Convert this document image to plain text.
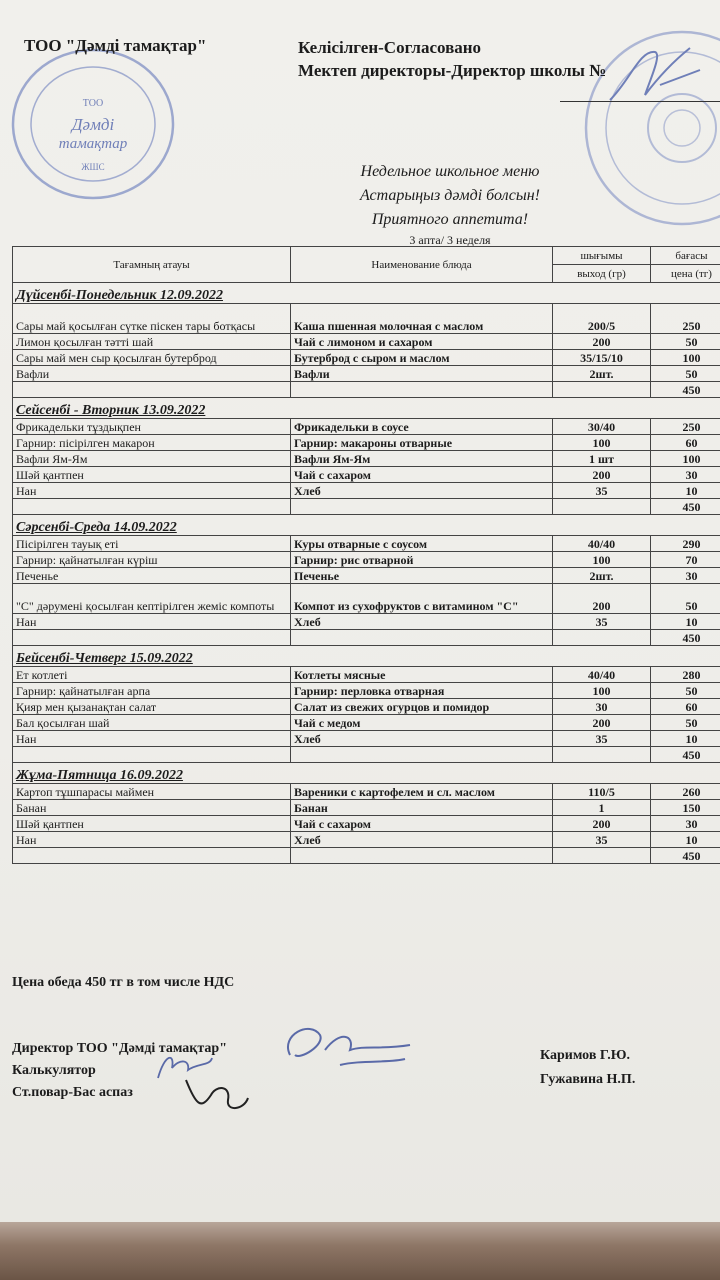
ТОО
Дәмді
тамақтар
ЖШС
ТОО "Дәмді тамақтар"	Келісілген-Согласовано
Мектеп директоры-Директор школы №
Недельное школьное меню
Астарыңыз дәмді болсын!
Приятного аппетита!
3 апта/ 3 неделя
Тағамның атауы	Наименование блюда	шығымы	бағасы
		выход (гр)	цена (тг)
Дүйсенбі-Понедельник 12.09.2022			
Сары май қосылған сүтке піскен тары ботқасы	Каша пшенная молочная с маслом	200/5	250
Лимон қосылған тәтті шай	Чай с лимоном и сахаром	200	50
Сары май мен сыр қосылған бутерброд	Бутерброд с сыром и маслом	35/15/10	100
Вафли	Вафли	2шт.	50
			450
Сейсенбі - Вторник 13.09.2022			
Фрикадельки тұздықпен	Фрикадельки в соусе	30/40	250
Гарнир: пісірілген макарон	Гарнир: макароны отварные	100	60
Вафли Ям-Ям	Вафли Ям-Ям	1 шт	100
Шәй қантпен	Чай с сахаром	200	30
Нан	Хлеб	35	10
			450
Сәрсенбі-Среда 14.09.2022			
Пісірілген тауық еті	Куры отварные с соусом	40/40	290
Гарнир: қайнатылған күріш	Гарнир: рис отварной	100	70
Печенье	Печенье	2шт.	30
"С" дәрумені қосылған кептірілген жеміс компоты	Компот из сухофруктов с витамином "С"	200	50
Нан	Хлеб	35	10
			450
Бейсенбі-Четверг 15.09.2022			
Ет котлеті	Котлеты мясные	40/40	280
Гарнир: қайнатылған арпа	Гарнир: перловка отварная	100	50
Қияр мен қызанақтан салат	Салат из свежих огурцов и помидор	30	60
Бал қосылған шай	Чай с медом	200	50
Нан	Хлеб	35	10
			450
Жұма-Пятница 16.09.2022			
Картоп тұшпарасы маймен	Вареники с картофелем и сл. маслом	110/5	260
Банан	Банан	1	150
Шәй қантпен	Чай с сахаром	200	30
Нан	Хлеб	35	10
			450
Цена обеда 450 тг в том числе НДС
Директор ТОО "Дәмді тамақтар"
Калькулятор
Ст.повар-Бас аспаз
Каримов Г.Ю.
Гужавина Н.П.
